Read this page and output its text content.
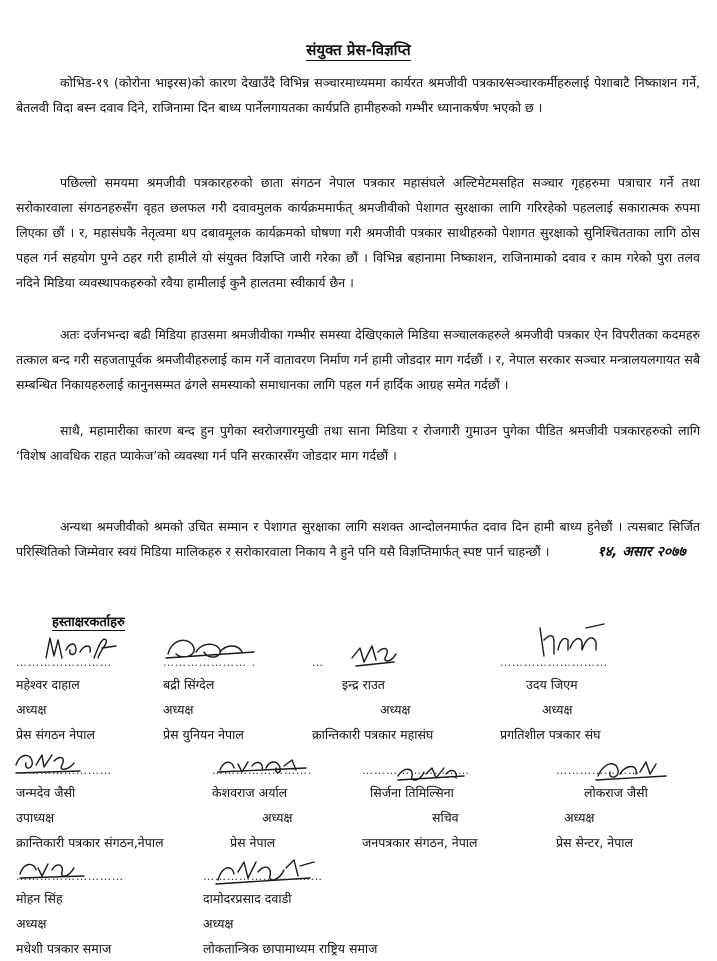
संयुक्त प्रेस-विज्ञप्ति

कोभिड-१९ (कोरोना भाइरस)को कारण देखाउँदै विभिन्न सञ्चारमाध्यममा कार्यरत श्रमजीवी पत्रकार⁄सञ्चारकर्मीहरुलाई पेशाबाटै निष्काशन गर्ने, बेतलवी विदा बस्न दवाव दिने, राजिनामा दिन बाध्य पार्नेलगायतका कार्यप्रति हामीहरुको गम्भीर ध्यानाकर्षण भएको छ ।

पछिल्लो समयमा श्रमजीवी पत्रकारहरुको छाता संगठन नेपाल पत्रकार महासंघले अल्टिमेटमसहित सञ्चार गृहहरुमा पत्राचार गर्ने तथा सरोकारवाला संगठनहरुसँग वृहत छलफल गरी दवावमुलक कार्यक्रममार्फत् श्रमजीवीको पेशागत सुरक्षाका लागि गरिरहेको पहललाई सकारात्मक रुपमा लिएका छौं । र, महासंघकै नेतृत्वमा थप दबावमूलक कार्यक्रमको घोषणा गरी श्रमजीवी पत्रकार साथीहरुको पेशागत सुरक्षाको सुनिश्चितताका लागि ठोस पहल गर्न सहयोग पुग्ने ठहर गरी हामीले यो संयुक्त विज्ञप्ति जारी गरेका छौं । विभिन्न बहानामा निष्काशन, राजिनामाको दवाव र काम गरेको पुरा तलव नदिने मिडिया व्यवस्थापकहरुको रवैया हामीलाई कुनै हालतमा स्वीकार्य छैन ।

अतः दर्जनभन्दा बढी मिडिया हाउसमा श्रमजीवीका गम्भीर समस्या देखिएकाले मिडिया सञ्चालकहरुले श्रमजीवी पत्रकार ऐन विपरीतका कदमहरु तत्काल बन्द गरी सहजतापूर्वक श्रमजीवीहरुलाई काम गर्ने वातावरण निर्माण गर्न हामी जोडदार माग गर्दछौं । र, नेपाल सरकार सञ्चार मन्त्रालयलगायत सबै सम्बन्धित निकायहरुलाई कानुनसम्मत ढंगले समस्याको समाधानका लागि पहल गर्न हार्दिक आग्रह समेत गर्दछौं ।

साथै, महामारीका कारण बन्द हुन पुगेका स्वरोजगारमुखी तथा साना मिडिया र रोजगारी गुमाउन पुगेका पीडित श्रमजीवी पत्रकारहरुको लागि ‘विशेष आवधिक राहत प्याकेज’को व्यवस्था गर्न पनि सरकारसँग जोडदार माग गर्दछौं ।

अन्यथा श्रमजीवीको श्रमको उचित सम्मान र पेशागत सुरक्षाका लागि सशक्त आन्दोलनमार्फत दवाव दिन हामी बाध्य हुनेछौं । त्यसबाट सिर्जित परिस्थितिको जिम्मेवार स्वयं मिडिया मालिकहरु र सरोकारवाला निकाय नै हुने पनि यसै विज्ञप्तिमार्फत् स्पष्ट पार्न चाहन्छौं ।	१४, असार २०७७

हस्ताक्षरकर्ताहरु
……………………
महेश्वर दाहाल
अध्यक्ष
प्रेस संगठन नेपाल
………………… .
बद्री सिंग्देल
अध्यक्ष
प्रेस युनियन नेपाल
…
इन्द्र राउत
अध्यक्ष
क्रान्तिकारी पत्रकार महासंघ
………………………
उदय जिएम
अध्यक्ष
प्रगतिशील पत्रकार संघ
……………………
जन्मदेव जैसी
उपाध्यक्ष
क्रान्तिकारी पत्रकार संगठन,नेपाल
…………………….
केशवराज अर्याल
अध्यक्ष
प्रेस नेपाल
………………………
सिर्जना तिमिल्सिना
सचिव
जनपत्रकार संगठन, नेपाल
…………………
लोकराज जैसी
अध्यक्ष
प्रेस सेन्टर, नेपाल
………………………
मोहन सिंह
अध्यक्ष
मधेशी पत्रकार समाज
…………………………
दामोदरप्रसाद दवाडी
अध्यक्ष
लोकतान्त्रिक छापामाध्यम राष्ट्रिय समाज
